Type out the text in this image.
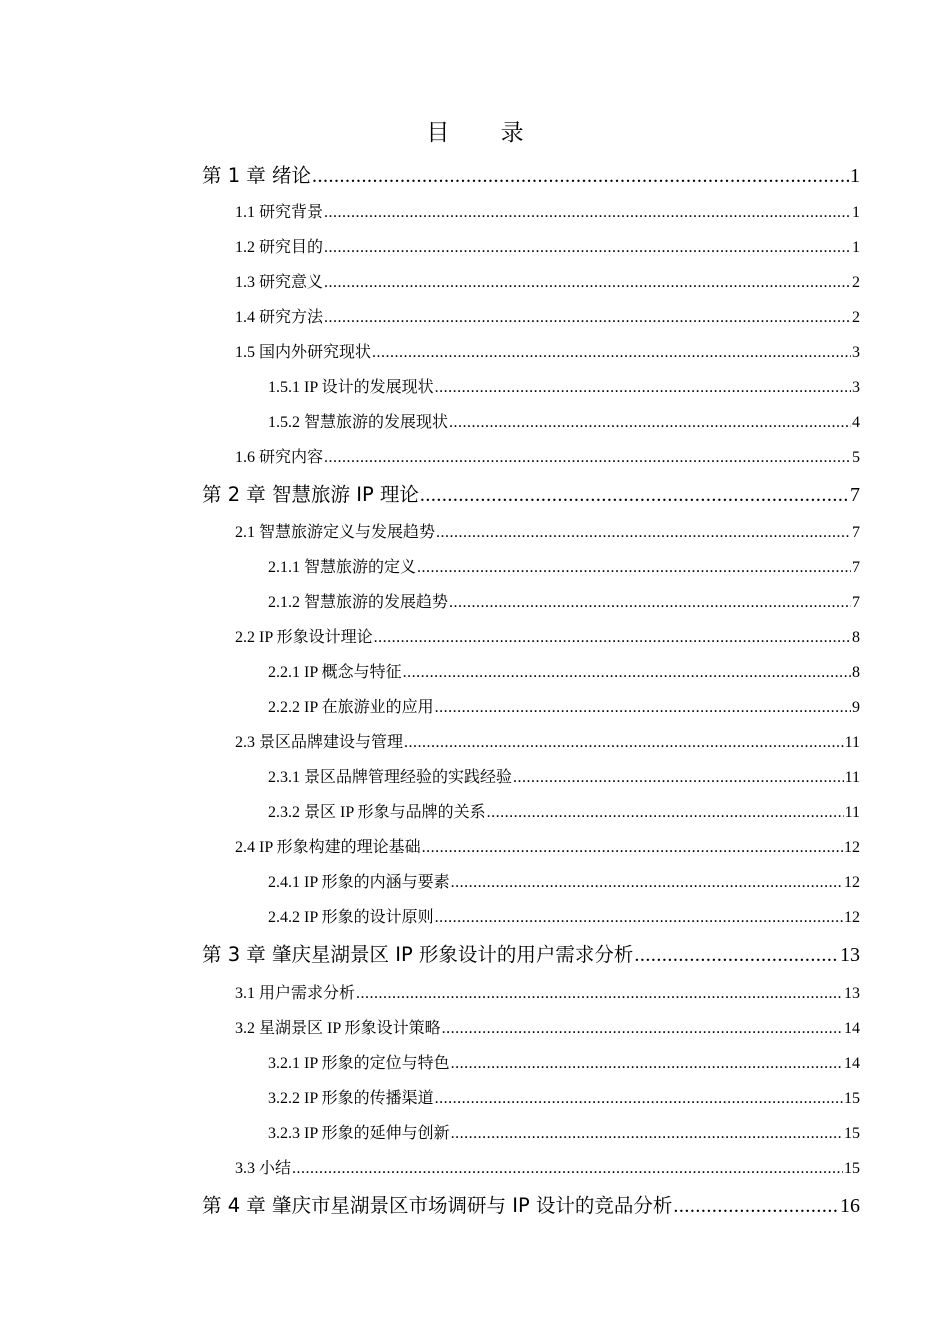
目 录
第 1 章 绪论 .....	1
1.1 研究背景 .....	1
1.2 研究目的 .....	1
1.3 研究意义 .....	2
1.4 研究方法 .....	2
1.5 国内外研究现状 .....	3
1.5.1 IP 设计的发展现状 .....	3
1.5.2 智慧旅游的发展现状 .....	4
1.6 研究内容 .....	5
第 2 章 智慧旅游 IP 理论 .....	7
2.1 智慧旅游定义与发展趋势 .....	7
2.1.1 智慧旅游的定义 .....	7
2.1.2 智慧旅游的发展趋势 .....	7
2.2 IP 形象设计理论 .....	8
2.2.1 IP 概念与特征 .....	8
2.2.2 IP 在旅游业的应用 .....	9
2.3 景区品牌建设与管理 .....	11
2.3.1 景区品牌管理经验的实践经验 .....	11
2.3.2 景区 IP 形象与品牌的关系 .....	11
2.4 IP 形象构建的理论基础 .....	12
2.4.1 IP 形象的内涵与要素 .....	12
2.4.2 IP 形象的设计原则 .....	12
第 3 章 肇庆星湖景区 IP 形象设计的用户需求分析 .....	13
3.1 用户需求分析 .....	13
3.2 星湖景区 IP 形象设计策略 .....	14
3.2.1 IP 形象的定位与特色 .....	14
3.2.2 IP 形象的传播渠道 .....	15
3.2.3 IP 形象的延伸与创新 .....	15
3.3 小结 .....	15
第 4 章 肇庆市星湖景区市场调研与 IP 设计的竞品分析 .....	16
